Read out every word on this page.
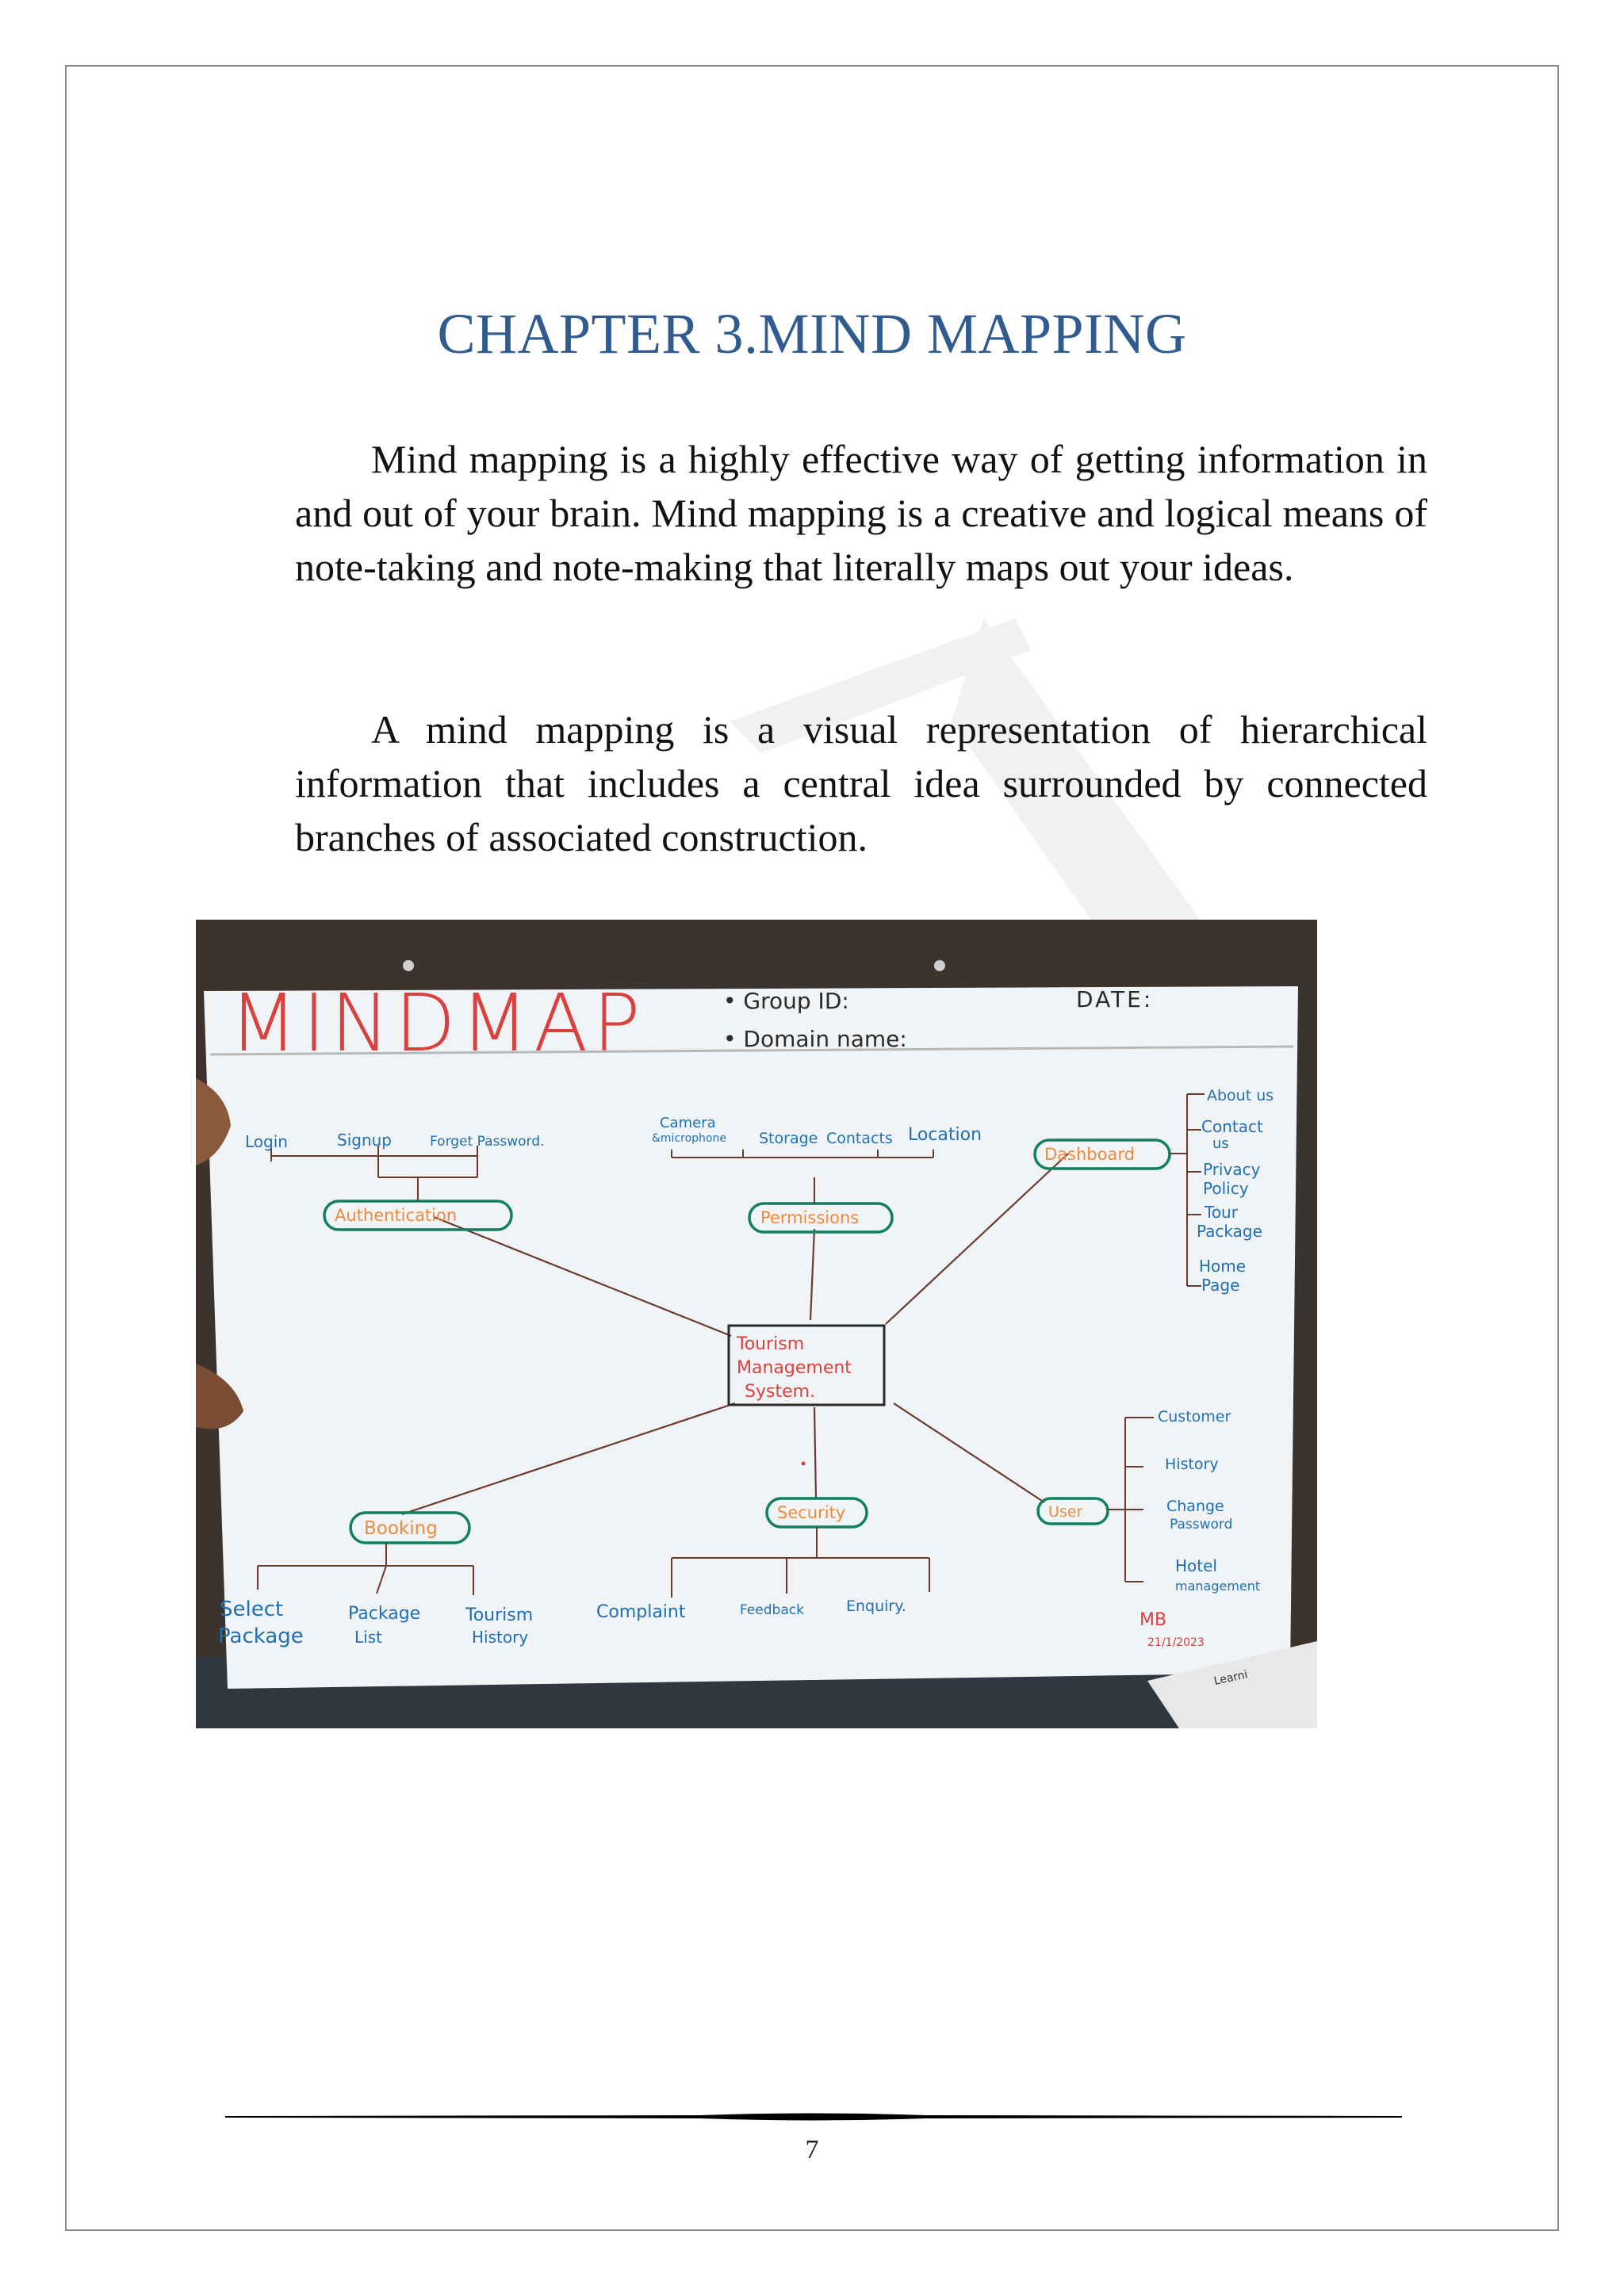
CHAPTER 3.MIND MAPPING

Mind mapping is a highly effective way of getting information in and out of your brain. Mind mapping is a creative and logical means of note-taking and note-making that literally maps out your ideas.

A mind mapping is a visual representation of hierarchical information that includes a central idea surrounded by connected branches of associated construction.

MINDMAP	• Group ID:
• Domain name:
DATE:
Tourism
Management
System.
Authentication
Login	Signup	Forget Password.
Permissions
Camera
&microphone Storage Contacts Location
Dashboard
About us
Contact
us
Privacy
Policy
Tour
Package
Home
Page
Booking
Select
Package
Package
List
Tourism
History
Security
Complaint	Feedback	Enquiry.
User
Customer
History
Change
Password
Hotel
management
MB
21/1/2023
Learni
7
